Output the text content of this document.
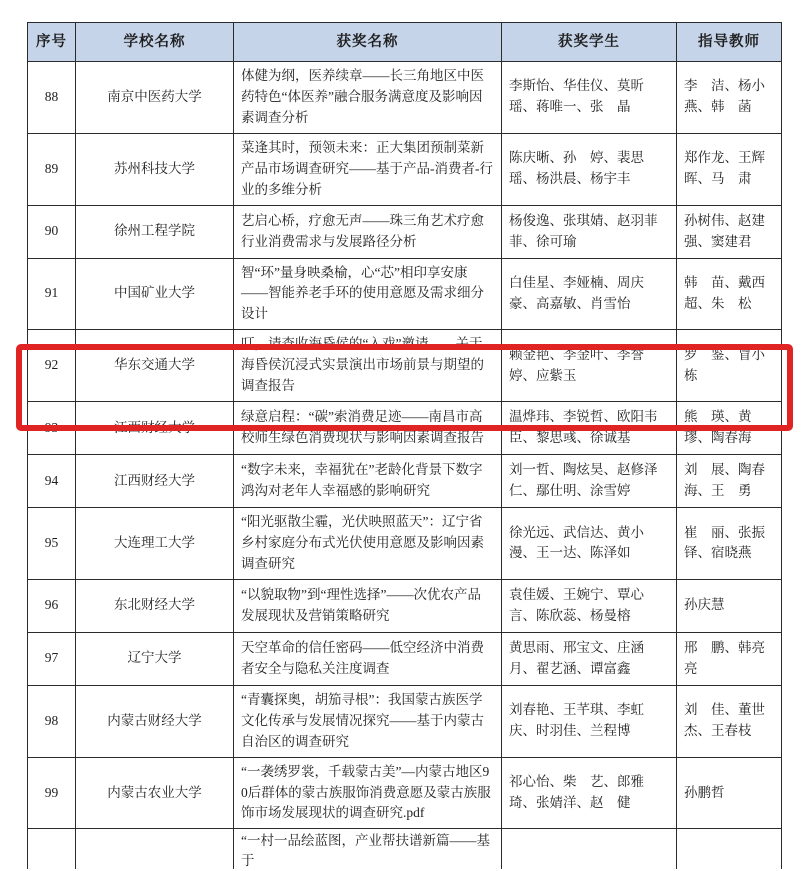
序号	学校名称	获奖名称	获奖学生	指导教师
88	南京中医药大学	体健为纲，医养续章——长三角地区中医药特色“体医养”融合服务满意度及影响因素调查分析	李斯怡、华佳仪、莫昕瑶、蒋唯一、张　晶	李　洁、杨小燕、韩　菡
89	苏州科技大学	菜逢其时，预领未来：正大集团预制菜新产品市场调查研究——基于产品-消费者-行业的多维分析	陈庆晰、孙　婷、裴思瑶、杨洪晨、杨宇丰	郑作龙、王辉晖、马　肃
90	徐州工程学院	艺启心桥，疗愈无声——珠三角艺术疗愈行业消费需求与发展路径分析	杨俊逸、张琪婧、赵羽菲菲、徐可瑜	孙树伟、赵建强、窦建君
91	中国矿业大学	智“环”量身映桑榆，心“芯”相印享安康——智能养老手环的使用意愿及需求细分设计	白佳星、李娅楠、周庆豪、高嘉敏、肖雪怡	韩　苗、戴西超、朱　松
92	华东交通大学	叮，请查收海昏侯的“入戏”邀请——关于海昏侯沉浸式实景演出市场前景与期望的调查报告	赖金艳、李金叶、李誉婷、应紫玉	罗　鉴、冒小栋
93	江西财经大学	绿意启程：“碳”索消费足迹——南昌市高校师生绿色消费现状与影响因素调查报告	温烨玮、李锐哲、欧阳韦臣、黎思彧、徐诚基	熊　瑛、黄　璆、陶春海
94	江西财经大学	“数字未来，幸福犹在”老龄化背景下数字鸿沟对老年人幸福感的影响研究	刘一哲、陶炫昊、赵修泽仁、鄢仕明、涂雪婷	刘　展、陶春海、王　勇
95	大连理工大学	“阳光驱散尘霾，光伏映照蓝天”：辽宁省乡村家庭分布式光伏使用意愿及影响因素调查研究	徐光远、武信达、黄小漫、王一达、陈泽如	崔　丽、张振铎、宿晓燕
96	东北财经大学	“以貌取物”到“理性选择”——次优农产品发展现状及营销策略研究	袁佳媛、王婉宁、覃心言、陈欣蕊、杨曼榕	孙庆慧
97	辽宁大学	天空革命的信任密码——低空经济中消费者安全与隐私关注度调查	黄思雨、邢宝文、庄涵月、翟艺涵、谭富鑫	邢　鹏、韩亮亮
98	内蒙古财经大学	“青囊探奥，胡笳寻根”：我国蒙古族医学文化传承与发展情况探究——基于内蒙古自治区的调查研究	刘春艳、王芊琪、李虹庆、时羽佳、兰程博	刘　佳、董世杰、王春枝
99	内蒙古农业大学	“一袭绣罗裳，千载蒙古美”—内蒙古地区90后群体的蒙古族服饰消费意愿及蒙古族服饰市场发展现状的调查研究.pdf	祁心怡、柴　艺、郎雅琦、张婧洋、赵　健	孙鹏哲

		“一村一品绘蓝图，产业帮扶谱新篇——基于		
